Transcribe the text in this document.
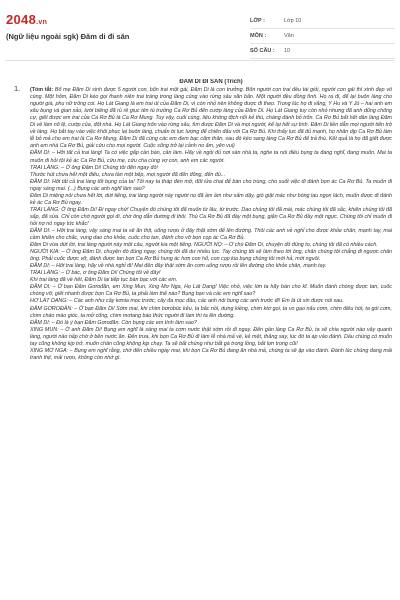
2048.vn
(Ngữ liệu ngoài sgk) Đăm di đi săn
LỚP :	Lớp 10
MÔN :	Văn
SỐ CÂU :	10
1.
ĐĂM DI ĐI SĂN (Trích)

(Tóm tắt: Bố mẹ Đăm Di sinh được 5 người con, bốn trai một gái, Đăm Di là con trưởng. Bốn người con trai đều tài giỏi, người con gái thì xinh đẹp vô cùng. Một hôm, Đăm Di kéo gọi thanh niên trai tráng trong làng cùng vào rừng sâu săn bắn. Một người đều đồng tình. Họ ra đi, để lại buôn làng cho người già, phụ nữ trông coi. Họ Lát Giang là em trai út của Đăm Di, vì còn nhỏ nên không được đi theo. Trong lúc họ đi vắng, Y Hu và Y Jú – hai anh em xấu bụng và gian xảo, lười biếng đã rủ rê giục tên tù trưởng Ca Rơ Bủ đến cướp làng của Đăm Di. Họ Lát Giang tuy còn nhỏ nhưng đã anh dũng chống cự, giết được em trai của Ca Rơ Bủ là Ca Rơ Mung. Tuy vậy, cuối cùng, liệu không địch nổi kẻ thù, chàng đành bỏ trốn. Ca Rơ Bủ bắt hết dân làng Đăm Di về làm nô lệ, cướp của, đốt nhà. Họ Lát Giang trốn vào rừng sâu, tìm được Đăm Di và mọi người, kể lại hết sự tình. Đăm Di liền dẫn mọi người tiến trở về làng. Họ bắt tay vào việc khôi phục lại buôn làng, chuẩn bị lực lượng để chiến đấu với Ca Rơ Bủ. Khi thấy lực đã đủ mạnh, họ nhân dịp Ca Rơ Bủ làm lễ bỏ mả cho em trai là Ca Rơ Mung, Đăm Di đã cùng các em đem bạc cấm thân, sau đó kéo sang làng Ca Rơ Bủ để trả thù. Kết quả là họ đã giết được anh em nhà Ca Rơ Bủ, giải cứu cho mọi người. Cuộc sống trở lại cảnh no ấm, yên vui)

ĐĂM DI: – Hỡi tất cả trai làng! Ta có việc gấp cần bàn, cần làm. Hãy về ngồi đủ nơi sàn nhà ta, nghe ta nói điều bụng ta đang nghĩ, đang muốn. Mai ta muốn đi hỏi tội kẻ ác Ca Rơ Bủ, cứu mẹ, cứu cha cùng vợ con, anh em các người.

TRAI LÀNG: – Ờ ông Đăm Di! Chúng tôi đến ngay đó!

Thước hút chưa hết một điếu, chưa tàn một bếp, mọi người đã đến đông, đến đủ...

ĐĂM DI: Hỡi tất cả trai làng tốt bụng của ta! Tối nay ta tháp đèn mỡ, đốt lửa chai để bàn cho trùng, cho suốt việc đi đánh bọn ác Ca Rơ Bủ. Ta muốn đi ngay sáng mai. (...) Bụng các anh nghĩ làm sao?

Đăm Di miệng nói chưa hết lời, dứt tiếng, trai làng người này người nọ đã ầm ầm như sấm dậy, gió giật mác như bóng lau ngọn lách, muốn được đi đánh kẻ ác Ca Rơ Bủ ngay.

TRAI LÀNG: Ờ ông Đăm Di! Đi ngay chứ! Chuyện đó chúng tôi đã muốn từ lâu, từ trước. Dao chúng tôi đã mài, mác chúng tôi đã sắc, khiên chúng tôi đã sắp, đã sửa. Chỉ còn chờ người gọi đi, chờ ông dẫn đường đi thôi. Thù Ca Rơ Bủ đã đầy một bụng, giận Ca Rơ Bủ đầy một ngực. Chúng tôi chỉ muốn đi hỏi nợ nó ngay tức khắc!

ĐĂM DI: – Hỡi trai làng, vậy sáng mai ta sẽ ăn thịt, uống rượu ở đây thật sớm để lên đường. Thôi các anh về nghỉ cho được khỏe chân, mạnh tay, mai cầm khiên cho chắc, vung dao cho khỏe, cuốc cho tan, đánh cho vỡ bọn cọp ác Ca Rơ Bủ.

Đăm Di vừa dứt lời, trai làng người này một câu, người kia một tiếng. NGƯỜI NỌ: – Ơ chú Đăm Di, chuyện đó đúng to, chúng tôi đã có nhiều cách.

NGƯỜI KIA: – Ờ ông Đăm Di, chuyện đó đúng ngay, chúng tôi đã dư nhiều lực. Tay chúng tôi sẽ làm theo lời ông, chân chúng tôi chẳng đi ngược chân ông. Phải cuốc được vỡ, đánh được tan bọn Ca Rơ Bủ hung ác hơn con hổ, con cọp kia bụng chúng tôi mới hả, mới nguôi.

ĐĂM DI: – Hỡi trai làng, hãy về nhà nghỉ đi! Mai đến đây thật sớm ăn cơm uống rượu rồi lên đường cho khỏe chân, mạnh tay.

TRAI LÀNG: – Ờ bác, ơ ông Đăm Di! Chúng tôi về đây!

Khi trai làng đã về hết, Đăm Di lại tiếp tục bàn bạc với các em.

ĐĂM DI: – Ờ bạn Đăm Gơrođăn, em Xing Mun, Xing Mơ Nga, Họ Lát Dang! Việc nhỏ, việc lớn ta hãy bàn cho kĩ. Muốn đánh chóng được tan, cuốc chóng vỡ, giết nhanh được bọn Ca Rơ Bủ, ta phải làm thế nào? Bụng bạn và các em nghĩ sao?

HƠ LÁT DANG: – Các anh như cây kơnia mọc trước, cây đa mọc đầu, các anh nói bụng các anh trước đi! Em là út xin được nói sau.

ĐĂM GƠROĐĂN: – Ờ bạn Đăm Di! Sớm mai, khi chim bơrobúc kêu, ta bắc nồi, dựng kiềng, chim ktơ gọi, ta vo gạo nấu cơm, chim điêu hót, ta gói cơm, chim cháo mào gióc, ta mở cổng, chim mơtang báo thức người đi làm thì ta lên đường.

ĐĂM DI: – Đó là ý bạn Đăm Gơrođăn. Còn bụng các em tính làm sao?

XING MUN: – Ờ anh Đăm Di! Bụng em nghĩ là sáng mai ta cơm nước thật sớm rồi đi ngay. Đến gần làng Ca Rơ Bủ, ta sẽ chia người nào vây quanh làng, người nào nấp chờ ở bến nước ăn. Đến trưa, khi bọn Ca Rơ Bủ đi làm lễ nhà mả về, kẻ mệt, thằng say, lúc đó ta áp vào đánh. Dầu chúng có muốn tay cũng không kịp trở, muốn chân cũng không kịp chạy. Ta sẽ bắt chúng như bắt gà trong lồng, bắt lợn trong cũi!

XING MƠ NGA: – Bụng em nghĩ rằng, chờ đến chiều ngày mai, khi bọn Ca Rơ Bủ đang ăn nhà mả, chúng ta sẽ ập vào đánh. Đánh lúc chúng đang mải tranh thịt, mải rượu, không còn nhớ gì.
